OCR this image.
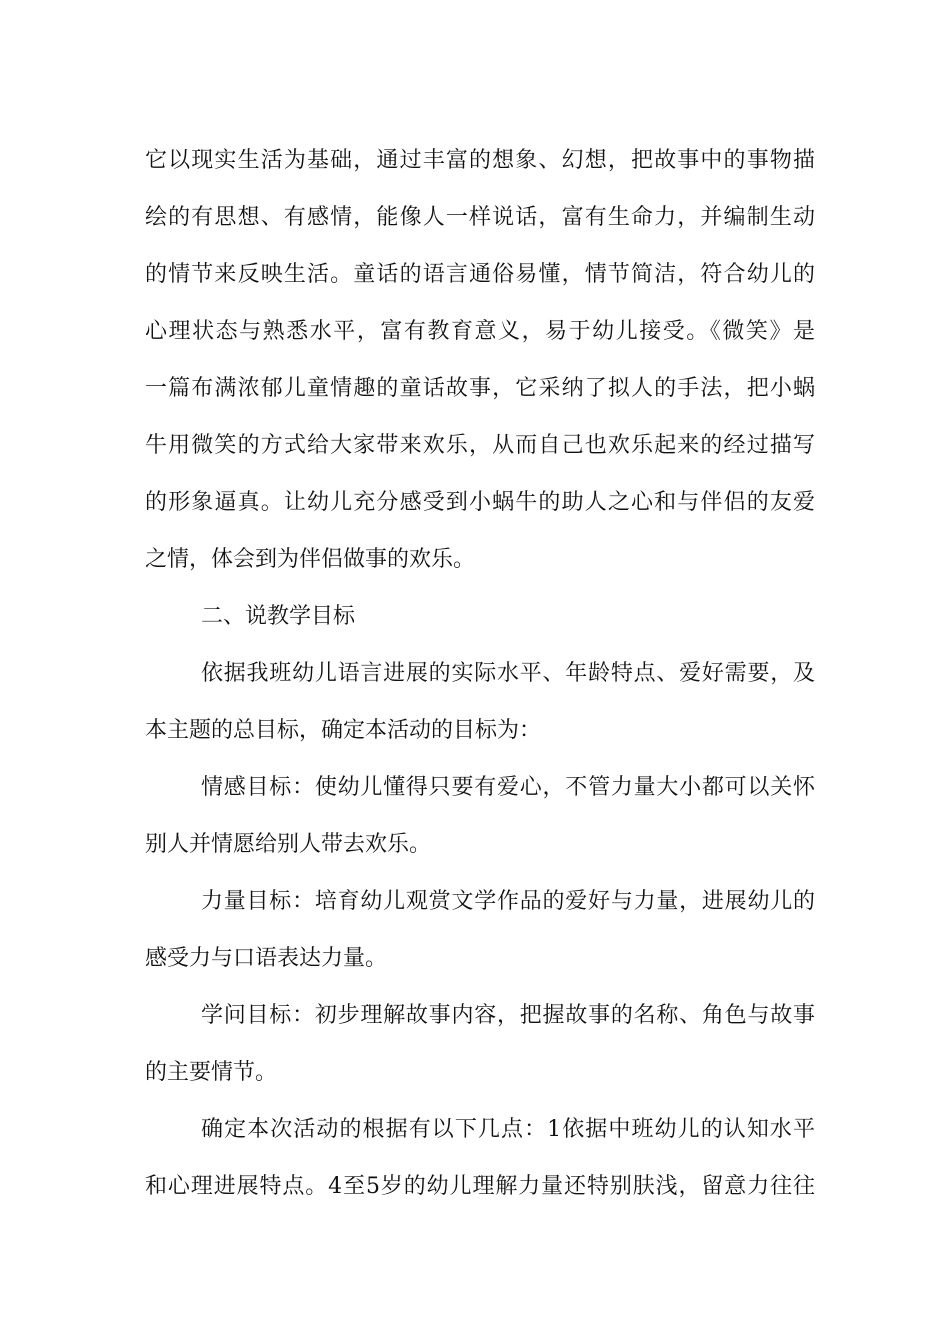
它以现实生活为基础，通过丰富的想象、幻想，把故事中的事物描
绘的有思想、有感情，能像人一样说话，富有生命力，并编制生动
的情节来反映生活。童话的语言通俗易懂，情节简洁，符合幼儿的
心理状态与熟悉水平，富有教育意义，易于幼儿接受。《微笑》是
一篇布满浓郁儿童情趣的童话故事，它采纳了拟人的手法，把小蜗
牛用微笑的方式给大家带来欢乐，从而自己也欢乐起来的经过描写
的形象逼真。让幼儿充分感受到小蜗牛的助人之心和与伴侣的友爱
之情，体会到为伴侣做事的欢乐。
二、说教学目标
依据我班幼儿语言进展的实际水平、年龄特点、爱好需要，及
本主题的总目标，确定本活动的目标为：
情感目标：使幼儿懂得只要有爱心，不管力量大小都可以关怀
别人并情愿给别人带去欢乐。
力量目标：培育幼儿观赏文学作品的爱好与力量，进展幼儿的
感受力与口语表达力量。
学问目标：初步理解故事内容，把握故事的名称、角色与故事
的主要情节。
确定本次活动的根据有以下几点：1依据中班幼儿的认知水平
和心理进展特点。4至5岁的幼儿理解力量还特别肤浅，留意力往往
